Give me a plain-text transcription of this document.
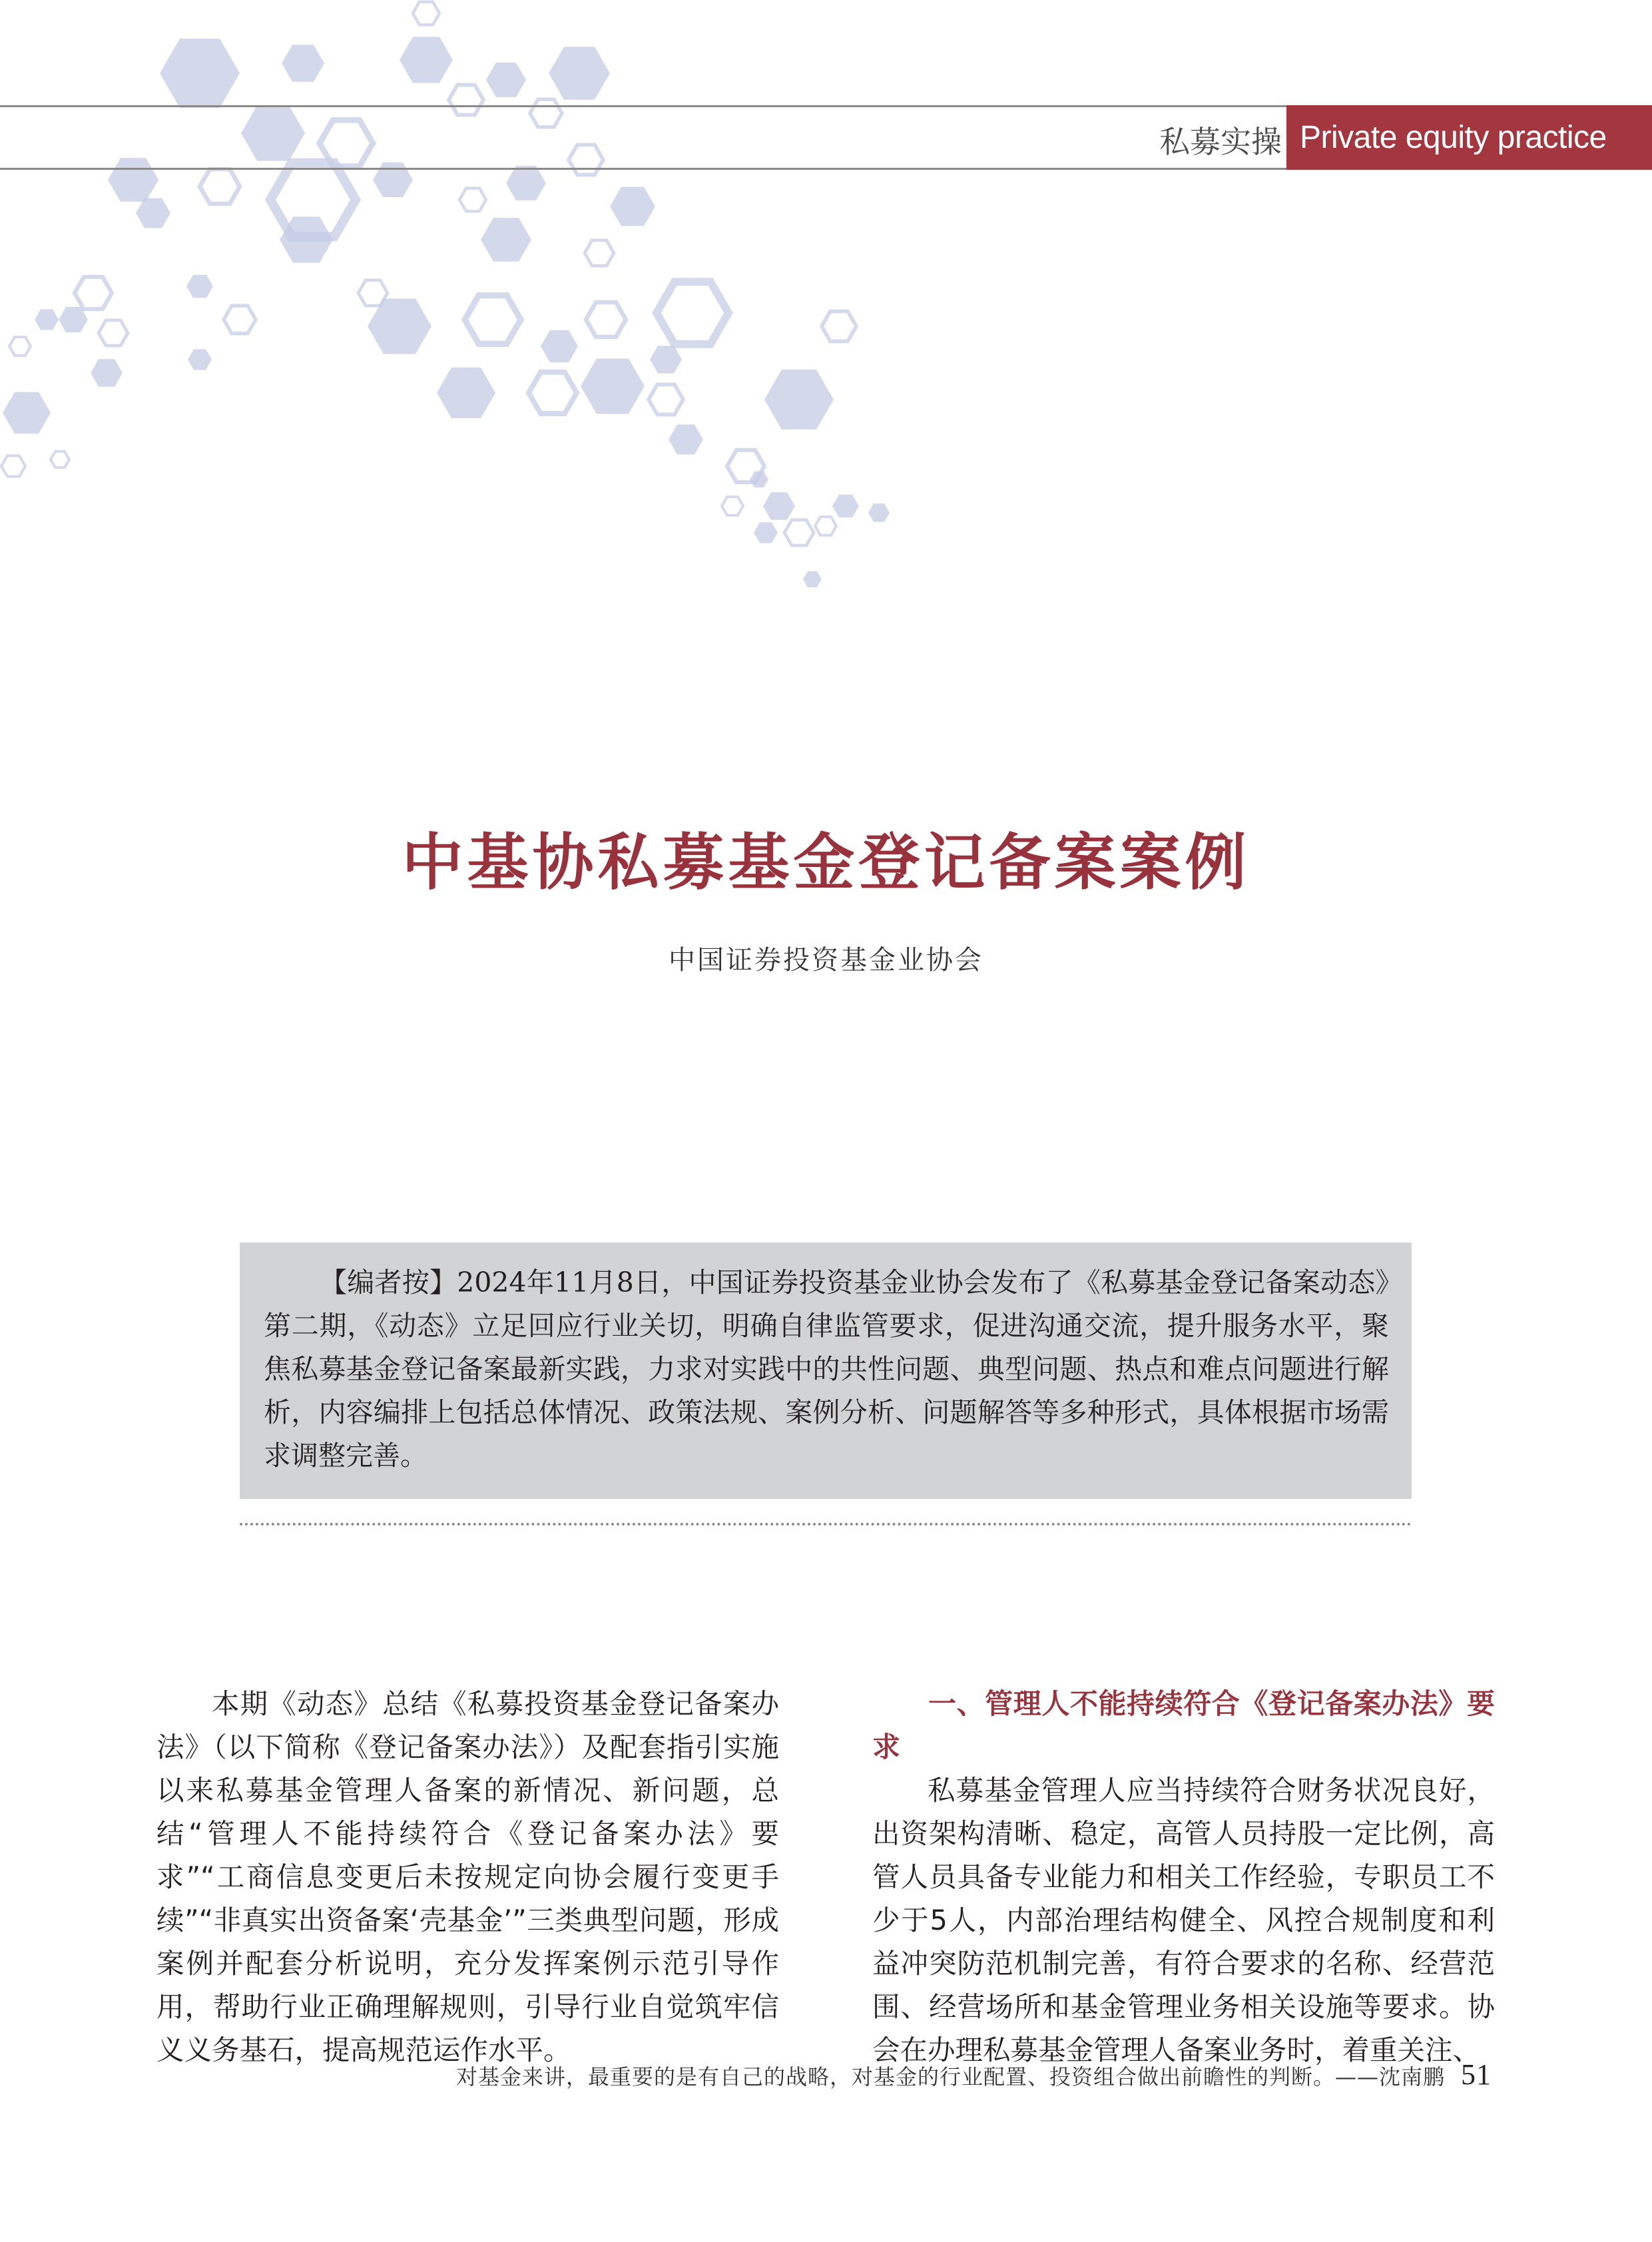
私募实操 Private equity practice
中基协私募基金登记备案案例
中国证券投资基金业协会

【编者按】2024年11月8日，中国证券投资基金业协会发布了《私募基金登记备案动态》第二期，《动态》立足回应行业关切，明确自律监管要求，促进沟通交流，提升服务水平，聚焦私募基金登记备案最新实践，力求对实践中的共性问题、典型问题、热点和难点问题进行解析，内容编排上包括总体情况、政策法规、案例分析、问题解答等多种形式，具体根据市场需求调整完善。

本期《动态》总结《私募投资基金登记备案办法》（以下简称《登记备案办法》）及配套指引实施以来私募基金管理人备案的新情况、新问题，总结“管理人不能持续符合《登记备案办法》要求”“工商信息变更后未按规定向协会履行变更手续”“非真实出资备案‘壳基金’”三类典型问题，形成案例并配套分析说明，充分发挥案例示范引导作用，帮助行业正确理解规则，引导行业自觉筑牢信义义务基石，提高规范运作水平。

一、管理人不能持续符合《登记备案办法》要求

私募基金管理人应当持续符合财务状况良好，出资架构清晰、稳定，高管人员持股一定比例，高管人员具备专业能力和相关工作经验，专职员工不少于5人，内部治理结构健全、风控合规制度和利益冲突防范机制完善，有符合要求的名称、经营范围、经营场所和基金管理业务相关设施等要求。协会在办理私募基金管理人备案业务时，着重关注、

对基金来讲，最重要的是有自己的战略，对基金的行业配置、投资组合做出前瞻性的判断。——沈南鹏 51
